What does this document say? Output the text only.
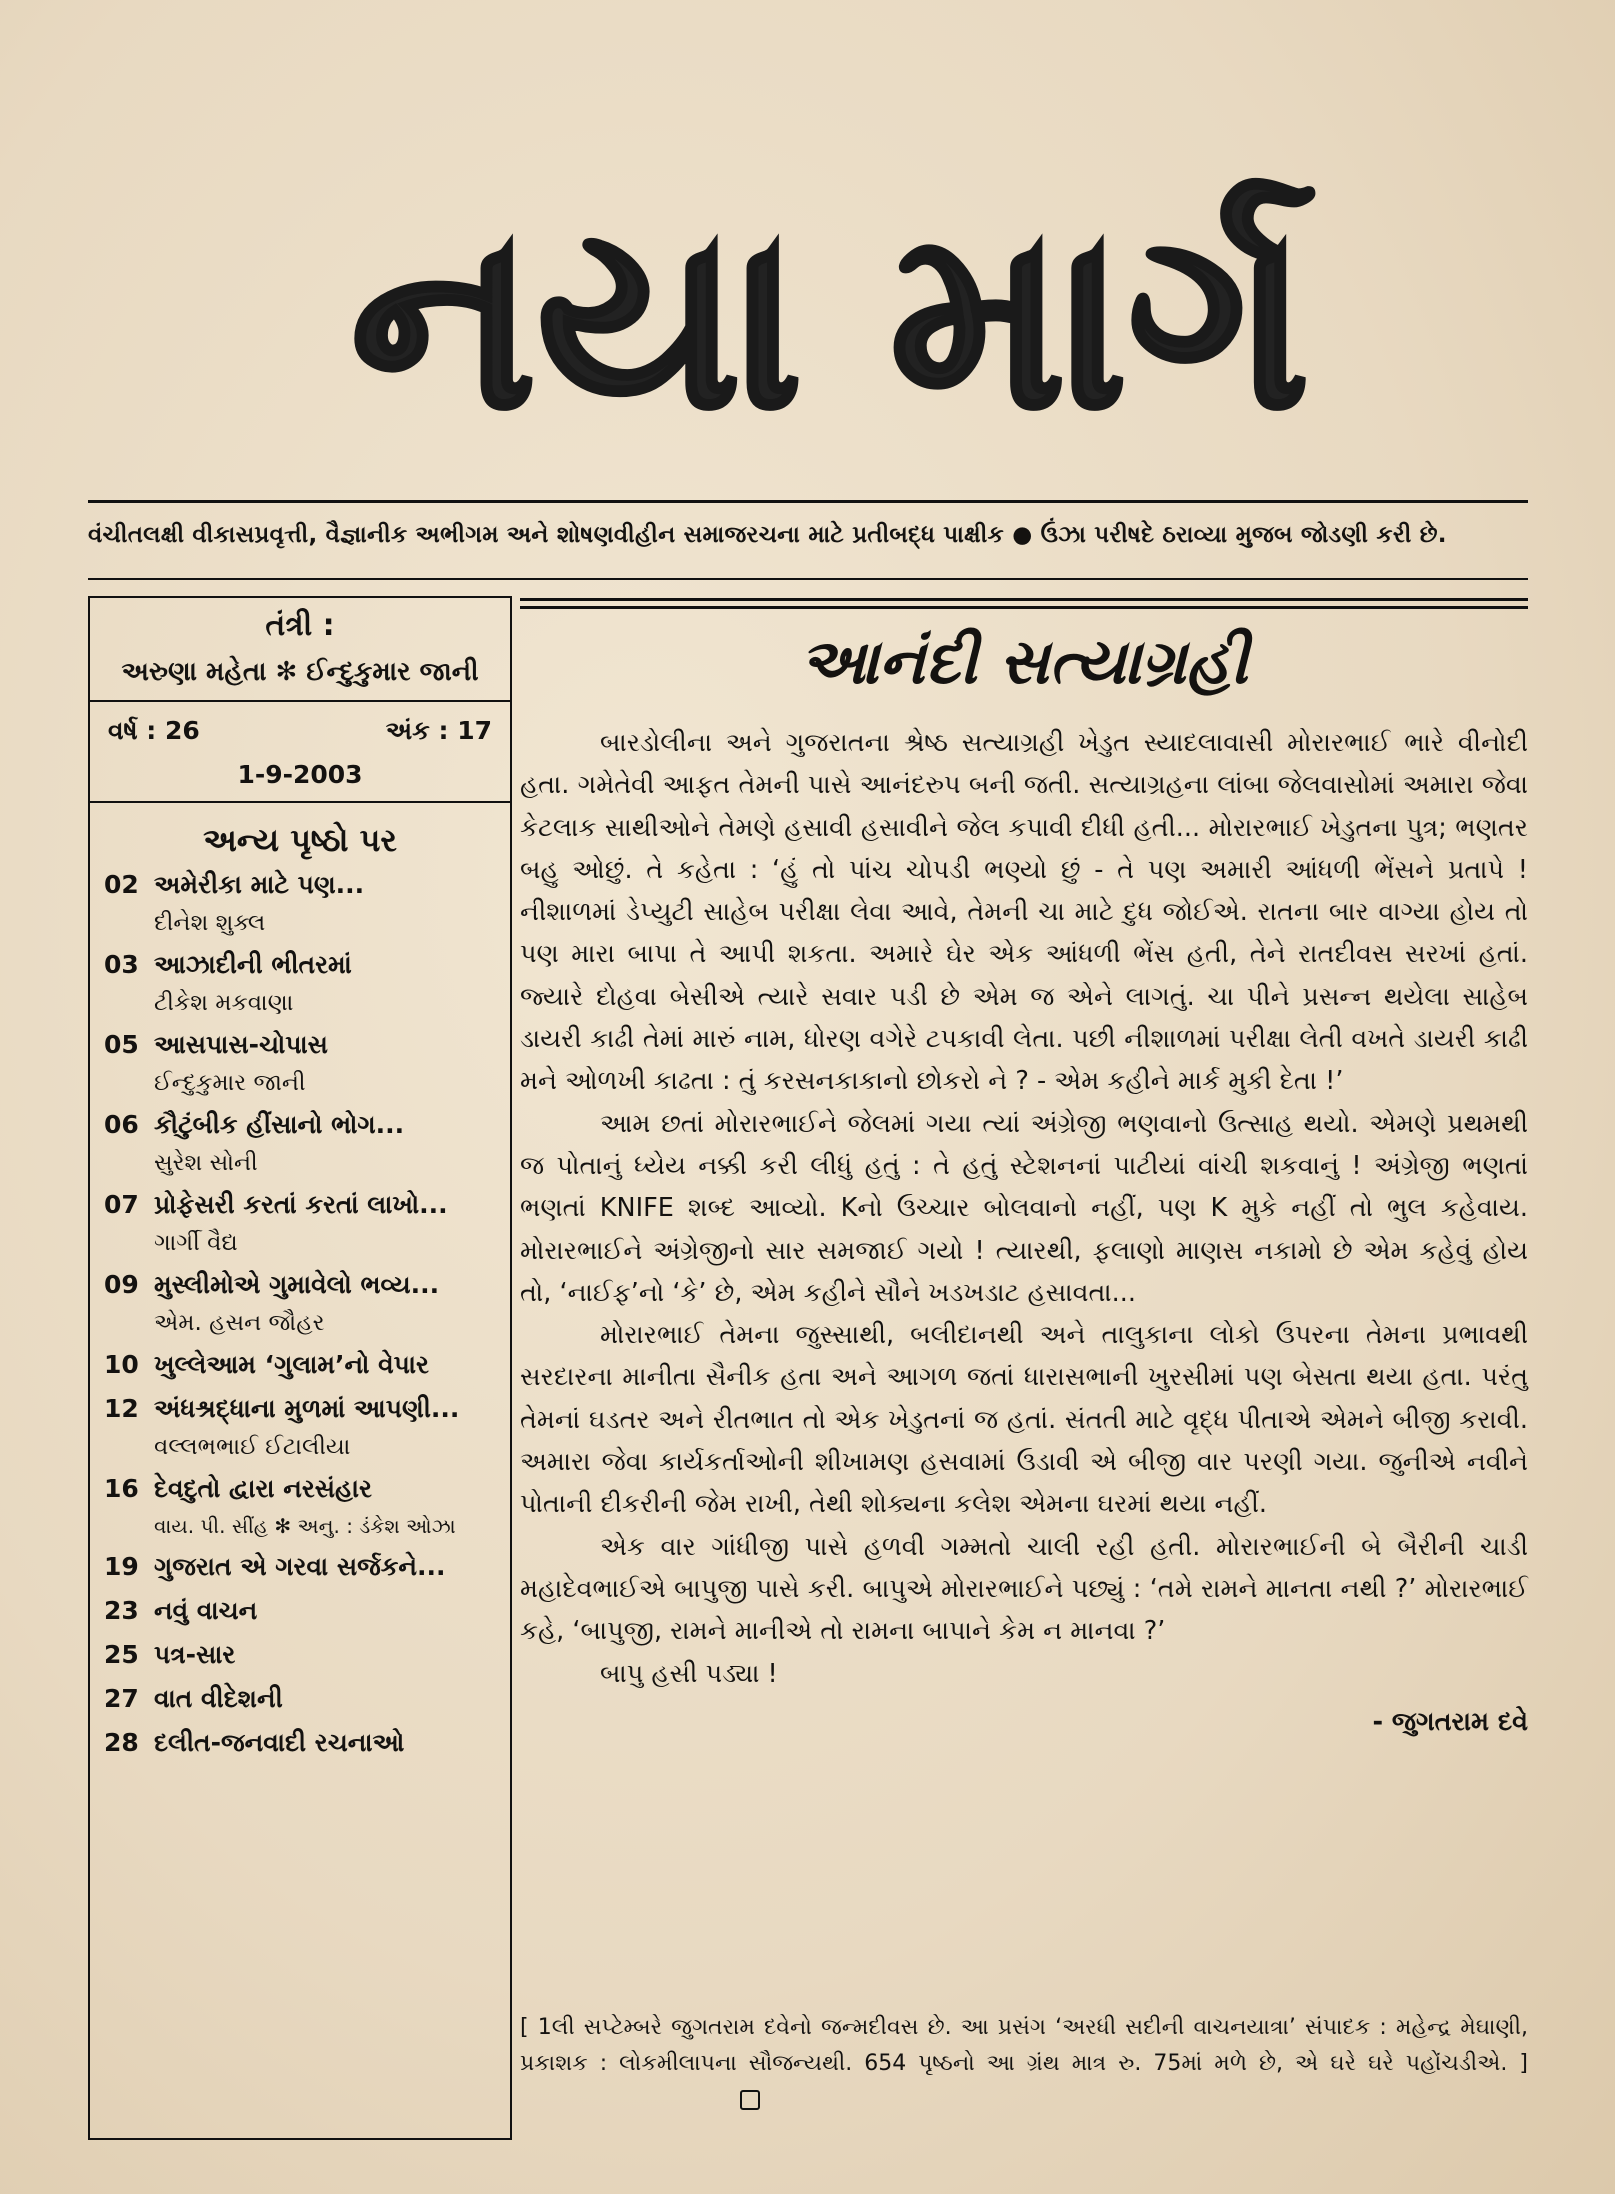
નયા માર્ગ
વંચીતલક્ષી વીકાસપ્રવૃત્તી, વૈજ્ઞાનીક અભીગમ અને શોષણવીહીન સમાજરચના માટે પ્રતીબદ્ધ પાક્ષીક ● ઉંઝા પરીષદે ઠરાવ્યા મુજબ જોડણી કરી છે.
તંત્રી :
અરુણા મહેતા ✻ ઈન્દુકુમાર જાની
વર્ષ : 26	અંક : 17
1-9-2003
અન્ય પૃષ્ઠો પર
02 અમેરીકા માટે પણ...
દીનેશ શુક્લ
03 આઝાદીની ભીતરમાં
ટીકેશ મકવાણા
05 આસપાસ-ચોપાસ
ઈન્દુકુમાર જાની
06 કૌટુંબીક હીંસાનો ભોગ...
સુરેશ સોની
07 પ્રોફેસરી કરતાં કરતાં લાખો...
ગાર્ગી વૈદ્ય
09 મુસ્લીમોએ ગુમાવેલો ભવ્ય...
એમ. હસન જૌહર
10 ખુલ્લેઆમ ‘ગુલામ’નો વેપાર
12 અંધશ્રદ્ધાના મુળમાં આપણી...
વલ્લભભાઈ ઈટાલીયા
16 દેવદુતો દ્વારા નરસંહાર
વાય. પી. સીંહ ✻ અનુ. : ડંકેશ ઓઝા
19 ગુજરાત એ ગરવા સર્જકને...
23 નવું વાચન
25 પત્ર-સાર
27 વાત વીદેશની
28 દલીત-જનવાદી રચનાઓ
આનંદી સત્યાગ્રહી

બારડોલીના અને ગુજરાતના શ્રેષ્ઠ સત્યાગ્રહી ખેડુત સ્યાદલાવાસી મોરારભાઈ ભારે વીનોદી હતા. ગમેતેવી આફત તેમની પાસે આનંદરુપ બની જતી. સત્યાગ્રહના લાંબા જેલવાસોમાં અમારા જેવા કેટલાક સાથીઓને તેમણે હસાવી હસાવીને જેલ કપાવી દીધી હતી... મોરારભાઈ ખેડુતના પુત્ર; ભણતર બહુ ઓછું. તે કહેતા : ‘હું તો પાંચ ચોપડી ભણ્યો છું - તે પણ અમારી આંધળી ભેંસને પ્રતાપે ! નીશાળમાં ડેપ્યુટી સાહેબ પરીક્ષા લેવા આવે, તેમની ચા માટે દુધ જોઈએ. રાતના બાર વાગ્યા હોય તો પણ મારા બાપા તે આપી શકતા. અમારે ઘેર એક આંધળી ભેંસ હતી, તેને રાતદીવસ સરખાં હતાં. જ્યારે દોહવા બેસીએ ત્યારે સવાર પડી છે એમ જ એને લાગતું. ચા પીને પ્રસન્ન થયેલા સાહેબ ડાયરી કાઢી તેમાં મારું નામ, ધોરણ વગેરે ટપકાવી લેતા. પછી નીશાળમાં પરીક્ષા લેતી વખતે ડાયરી કાઢી મને ઓળખી કાઢતા : તું કરસનકાકાનો છોકરો ને ? - એમ કહીને માર્ક મુકી દેતા !’

આમ છતાં મોરારભાઈને જેલમાં ગયા ત્યાં અંગ્રેજી ભણવાનો ઉત્સાહ થયો. એમણે પ્રથમથી જ પોતાનું ધ્યેય નક્કી કરી લીધું હતું : તે હતું સ્ટેશનનાં પાટીયાં વાંચી શકવાનું ! અંગ્રેજી ભણતાં ભણતાં KNIFE શબ્દ આવ્યો. Kનો ઉચ્ચાર બોલવાનો નહીં, પણ K મુકે નહીં તો ભુલ કહેવાય. મોરારભાઈને અંગ્રેજીનો સાર સમજાઈ ગયો ! ત્યારથી, ફલાણો માણસ નકામો છે એમ કહેવું હોય તો, ‘નાઈફ’નો ‘કે’ છે, એમ કહીને સૌને ખડખડાટ હસાવતા...

મોરારભાઈ તેમના જુસ્સાથી, બલીદાનથી અને તાલુકાના લોકો ઉપરના તેમના પ્રભાવથી સરદારના માનીતા સૈનીક હતા અને આગળ જતાં ધારાસભાની ખુરસીમાં પણ બેસતા થયા હતા. પરંતુ તેમનાં ઘડતર અને રીતભાત તો એક ખેડુતનાં જ હતાં. સંતતી માટે વૃદ્ધ પીતાએ એમને બીજી કરાવી. અમારા જેવા કાર્યકર્તાઓની શીખામણ હસવામાં ઉડાવી એ બીજી વાર પરણી ગયા. જુનીએ નવીને પોતાની દીકરીની જેમ રાખી, તેથી શોક્યના કલેશ એમના ઘરમાં થયા નહીં.

એક વાર ગાંધીજી પાસે હળવી ગમ્મતો ચાલી રહી હતી. મોરારભાઈની બે બૈરીની ચાડી મહાદેવભાઈએ બાપુજી પાસે કરી. બાપુએ મોરારભાઈને પછ્યું : ‘તમે રામને માનતા નથી ?’ મોરારભાઈ કહે, ‘બાપુજી, રામને માનીએ તો રામના બાપાને કેમ ન માનવા ?’

બાપુ હસી પડ્યા !

- જુગતરામ દવે
[ 1લી સપ્ટેમ્બરે જુગતરામ દવેનો જન્મદીવસ છે. આ પ્રસંગ ‘અરધી સદીની વાચનયાત્રા’ સંપાદક : મહેન્દ્ર મેઘાણી, પ્રકાશક : લોકમીલાપના સૌજન્યથી. 654 પૃષ્ઠનો આ ગ્રંથ માત્ર રુ. 75માં મળે છે, એ ઘરે ઘરે પહોંચડીએ. ]
